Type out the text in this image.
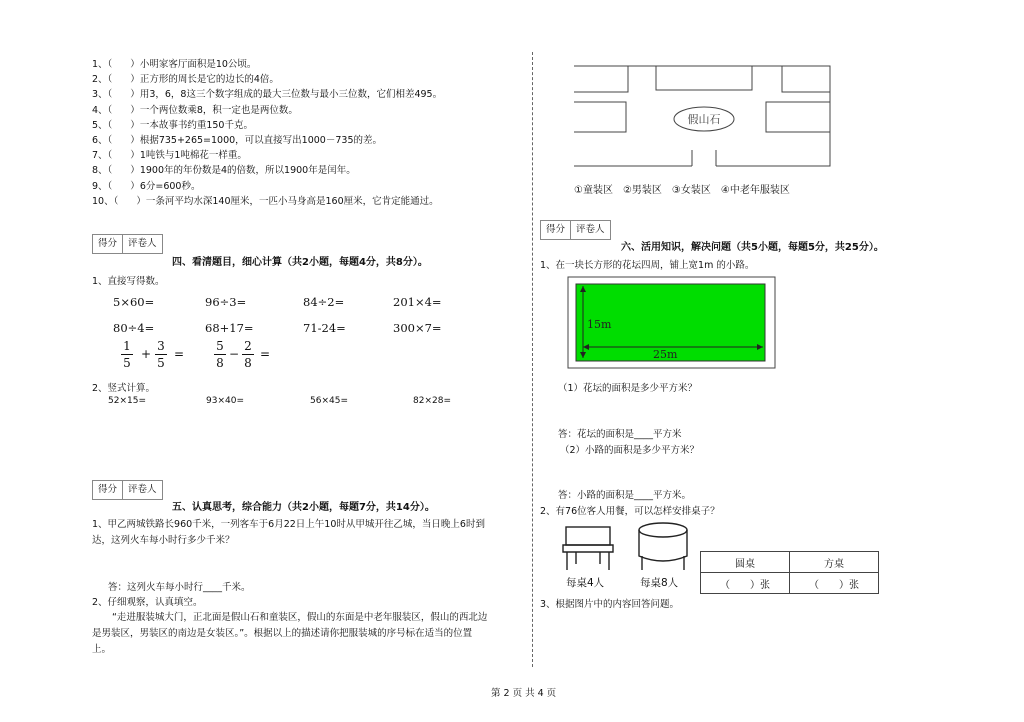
1、（ ）小明家客厅面积是10公顷。
2、（ ）正方形的周长是它的边长的4倍。
3、（ ）用3，6，8这三个数字组成的最大三位数与最小三位数，它们相差495。
4、（ ）一个两位数乘8，积一定也是两位数。
5、（ ）一本故事书约重150千克。
6、（ ）根据735+265=1000，可以直接写出1000－735的差。
7、（ ）1吨铁与1吨棉花一样重。
8、（ ）1900年的年份数是4的倍数，所以1900年是闰年。
9、（ ）6分=600秒。
10、（ ）一条河平均水深140厘米，一匹小马身高是160厘米，它肯定能通过。
得分	评卷人
四、看清题目，细心计算（共2小题，每题4分，共8分）。
1、直接写得数。
5×60=	96÷3=	84÷2=	201×4=
80÷4=	68+17=	71-24=	300×7=
$\frac{1}{5} + \frac{3}{5} = \frac{5}{8} - \frac{2}{8}$ =
2、竖式计算。
52×15=	93×40=	56×45=	82×28=
得分	评卷人
五、认真思考，综合能力（共2小题，每题7分，共14分）。
1、甲乙两城铁路长960千米，一列客车于6月22日上午10时从甲城开往乙城，当日晚上6时到
达，这列火车每小时行多少千米？
答：这列火车每小时行____千米。
2、仔细观察，认真填空。
“走进服装城大门，正北面是假山石和童装区，假山的东面是中老年服装区，假山的西北边
是男装区，男装区的南边是女装区。”。根据以上的描述请你把服装城的序号标在适当的位置
上。
假山石
①童装区　②男装区　③女装区　④中老年服装区
得分	评卷人
六、活用知识，解决问题（共5小题，每题5分，共25分）。
1、在一块长方形的花坛四周，铺上宽1m 的小路。
15m
25m
（1）花坛的面积是多少平方米？
答：花坛的面积是____平方米
（2）小路的面积是多少平方米？
答：小路的面积是____平方米。
2、有76位客人用餐，可以怎样安排桌子？
每桌4人	每桌8人
圆桌	方桌
（　　）张	（　　）张
3、根据图片中的内容回答问题。
第 2 页 共 4 页
